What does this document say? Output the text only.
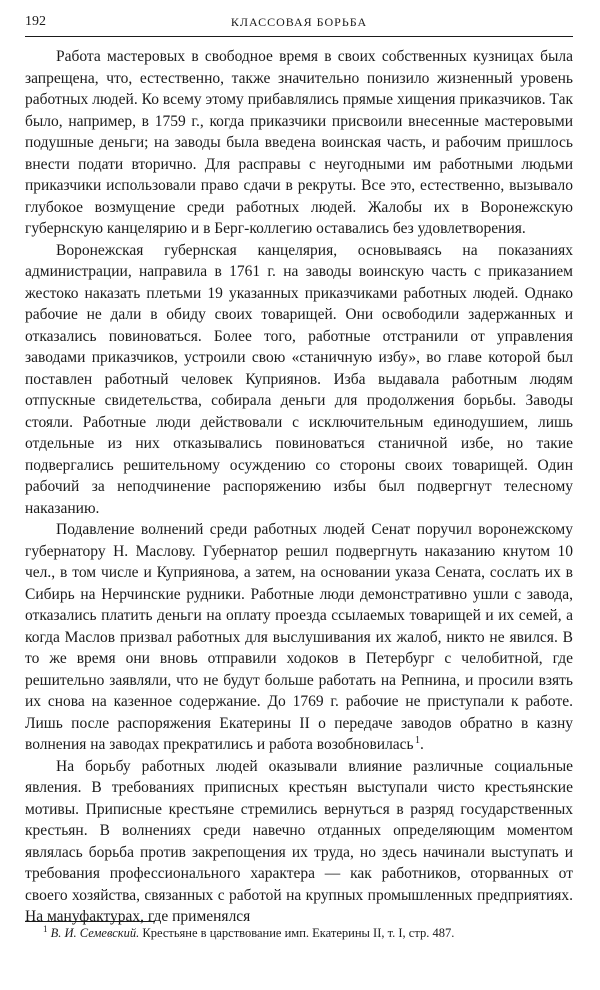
192	КЛАССОВАЯ БОРЬБА

Работа мастеровых в свободное время в своих собственных кузницах была запрещена, что, естественно, также значительно понизило жизненный уровень работных людей. Ко всему этому прибавлялись прямые хищения приказчиков. Так было, например, в 1759 г., когда приказчики присвоили внесенные мастеровыми подушные деньги; на заводы была введена воинская часть, и рабочим пришлось внести подати вторично. Для расправы с неугодными им работными людьми приказчики использовали право сдачи в рекруты. Все это, естественно, вызывало глубокое возмущение среди работных людей. Жалобы их в Воронежскую губернскую канцелярию и в Берг-коллегию оставались без удовлетворения.

Воронежская губернская канцелярия, основываясь на показаниях администрации, направила в 1761 г. на заводы воинскую часть с приказанием жестоко наказать плетьми 19 указанных приказчиками работных людей. Однако рабочие не дали в обиду своих товарищей. Они освободили задержанных и отказались повиноваться. Более того, работные отстранили от управления заводами приказчиков, устроили свою «станичную избу», во главе которой был поставлен работный человек Куприянов. Изба выдавала работным людям отпускные свидетельства, собирала деньги для продолжения борьбы. Заводы стояли. Работные люди действовали с исключительным единодушием, лишь отдельные из них отказывались повиноваться станичной избе, но такие подвергались решительному осуждению со стороны своих товарищей. Один рабочий за неподчинение распоряжению избы был подвергнут телесному наказанию.

Подавление волнений среди работных людей Сенат поручил воронежскому губернатору Н. Маслову. Губернатор решил подвергнуть наказанию кнутом 10 чел., в том числе и Куприянова, а затем, на основании указа Сената, сослать их в Сибирь на Нерчинские рудники. Работные люди демонстративно ушли с завода, отказались платить деньги на оплату проезда ссылаемых товарищей и их семей, а когда Маслов призвал работных для выслушивания их жалоб, никто не явился. В то же время они вновь отправили ходоков в Петербург с челобитной, где решительно заявляли, что не будут больше работать на Репнина, и просили взять их снова на казенное содержание. До 1769 г. рабочие не приступали к работе. Лишь после распоряжения Екатерины II о передаче заводов обратно в казну волнения на заводах прекратились и работа возобновилась $^1$.

На борьбу работных людей оказывали влияние различные социальные явления. В требованиях приписных крестьян выступали чисто крестьянские мотивы. Приписные крестьяне стремились вернуться в разряд государственных крестьян. В волнениях среди навечно отданных определяющим моментом являлась борьба против закрепощения их труда, но здесь начинали выступать и требования профессионального характера — как работников, оторванных от своего хозяйства, связанных с работой на крупных промышленных предприятиях. На мануфактурах, где применялся

$^1$ В. И. Семевский. Крестьяне в царствование имп. Екатерины II, т. I, стр. 487.
